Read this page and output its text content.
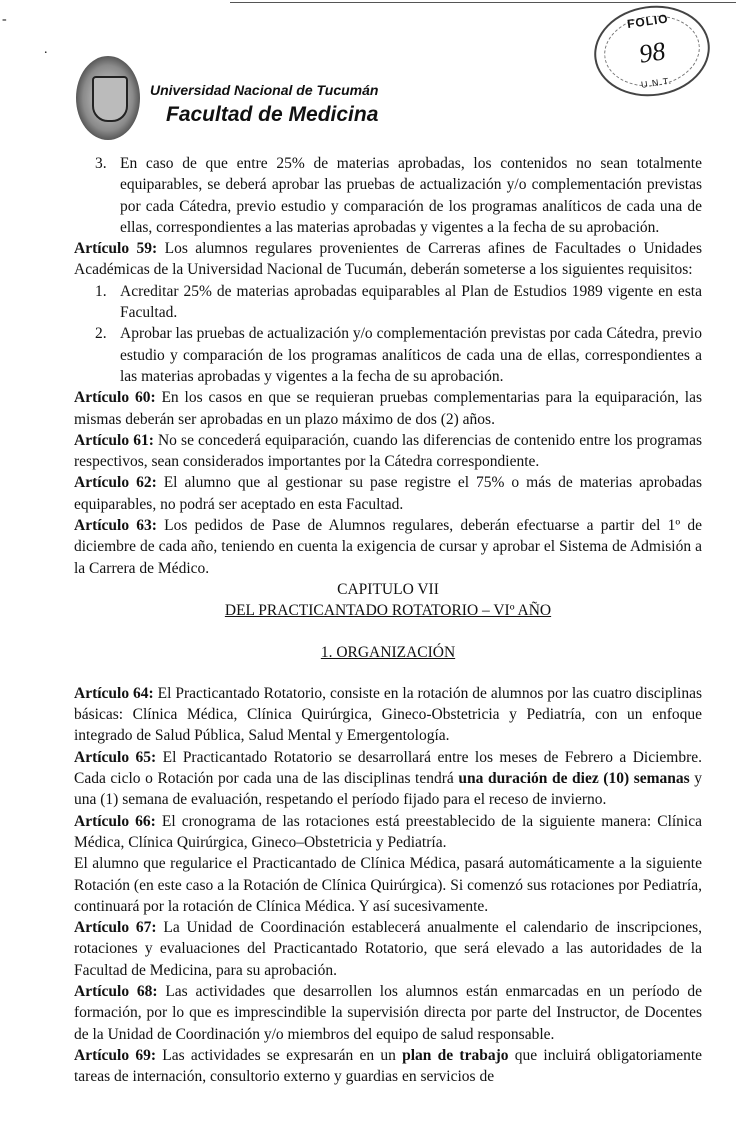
-
.
FOLIO
98
U.N.T.
Universidad Nacional de Tucumán
Facultad de Medicina

3. En caso de que entre 25% de materias aprobadas, los contenidos no sean totalmente equiparables, se deberá aprobar las pruebas de actualización y/o complementación previstas por cada Cátedra, previo estudio y comparación de los programas analíticos de cada una de ellas, correspondientes a las materias aprobadas y vigentes a la fecha de su aprobación.

Artículo 59: Los alumnos regulares provenientes de Carreras afines de Facultades o Unidades Académicas de la Universidad Nacional de Tucumán, deberán someterse a los siguientes requisitos:

1. Acreditar 25% de materias aprobadas equiparables al Plan de Estudios 1989 vigente en esta Facultad.
2. Aprobar las pruebas de actualización y/o complementación previstas por cada Cátedra, previo estudio y comparación de los programas analíticos de cada una de ellas, correspondientes a las materias aprobadas y vigentes a la fecha de su aprobación.

Artículo 60: En los casos en que se requieran pruebas complementarias para la equiparación, las mismas deberán ser aprobadas en un plazo máximo de dos (2) años.

Artículo 61: No se concederá equiparación, cuando las diferencias de contenido entre los programas respectivos, sean considerados importantes por la Cátedra correspondiente.

Artículo 62: El alumno que al gestionar su pase registre el 75% o más de materias aprobadas equiparables, no podrá ser aceptado en esta Facultad.

Artículo 63: Los pedidos de Pase de Alumnos regulares, deberán efectuarse a partir del 1º de diciembre de cada año, teniendo en cuenta la exigencia de cursar y aprobar el Sistema de Admisión a la Carrera de Médico.

CAPITULO VII

DEL PRACTICANTADO ROTATORIO – VIº AÑO

1. ORGANIZACIÓN

Artículo 64: El Practicantado Rotatorio, consiste en la rotación de alumnos por las cuatro disciplinas básicas: Clínica Médica, Clínica Quirúrgica, Gineco-Obstetricia y Pediatría, con un enfoque integrado de Salud Pública, Salud Mental y Emergentología.

Artículo 65: El Practicantado Rotatorio se desarrollará entre los meses de Febrero a Diciembre. Cada ciclo o Rotación por cada una de las disciplinas tendrá una duración de diez (10) semanas y una (1) semana de evaluación, respetando el período fijado para el receso de invierno.

Artículo 66: El cronograma de las rotaciones está preestablecido de la siguiente manera: Clínica Médica, Clínica Quirúrgica, Gineco–Obstetricia y Pediatría.

El alumno que regularice el Practicantado de Clínica Médica, pasará automáticamente a la siguiente Rotación (en este caso a la Rotación de Clínica Quirúrgica). Si comenzó sus rotaciones por Pediatría, continuará por la rotación de Clínica Médica. Y así sucesivamente.

Artículo 67: La Unidad de Coordinación establecerá anualmente el calendario de inscripciones, rotaciones y evaluaciones del Practicantado Rotatorio, que será elevado a las autoridades de la Facultad de Medicina, para su aprobación.

Artículo 68: Las actividades que desarrollen los alumnos están enmarcadas en un período de formación, por lo que es imprescindible la supervisión directa por parte del Instructor, de Docentes de la Unidad de Coordinación y/o miembros del equipo de salud responsable.

Artículo 69: Las actividades se expresarán en un plan de trabajo que incluirá obligatoriamente tareas de internación, consultorio externo y guardias en servicios de
